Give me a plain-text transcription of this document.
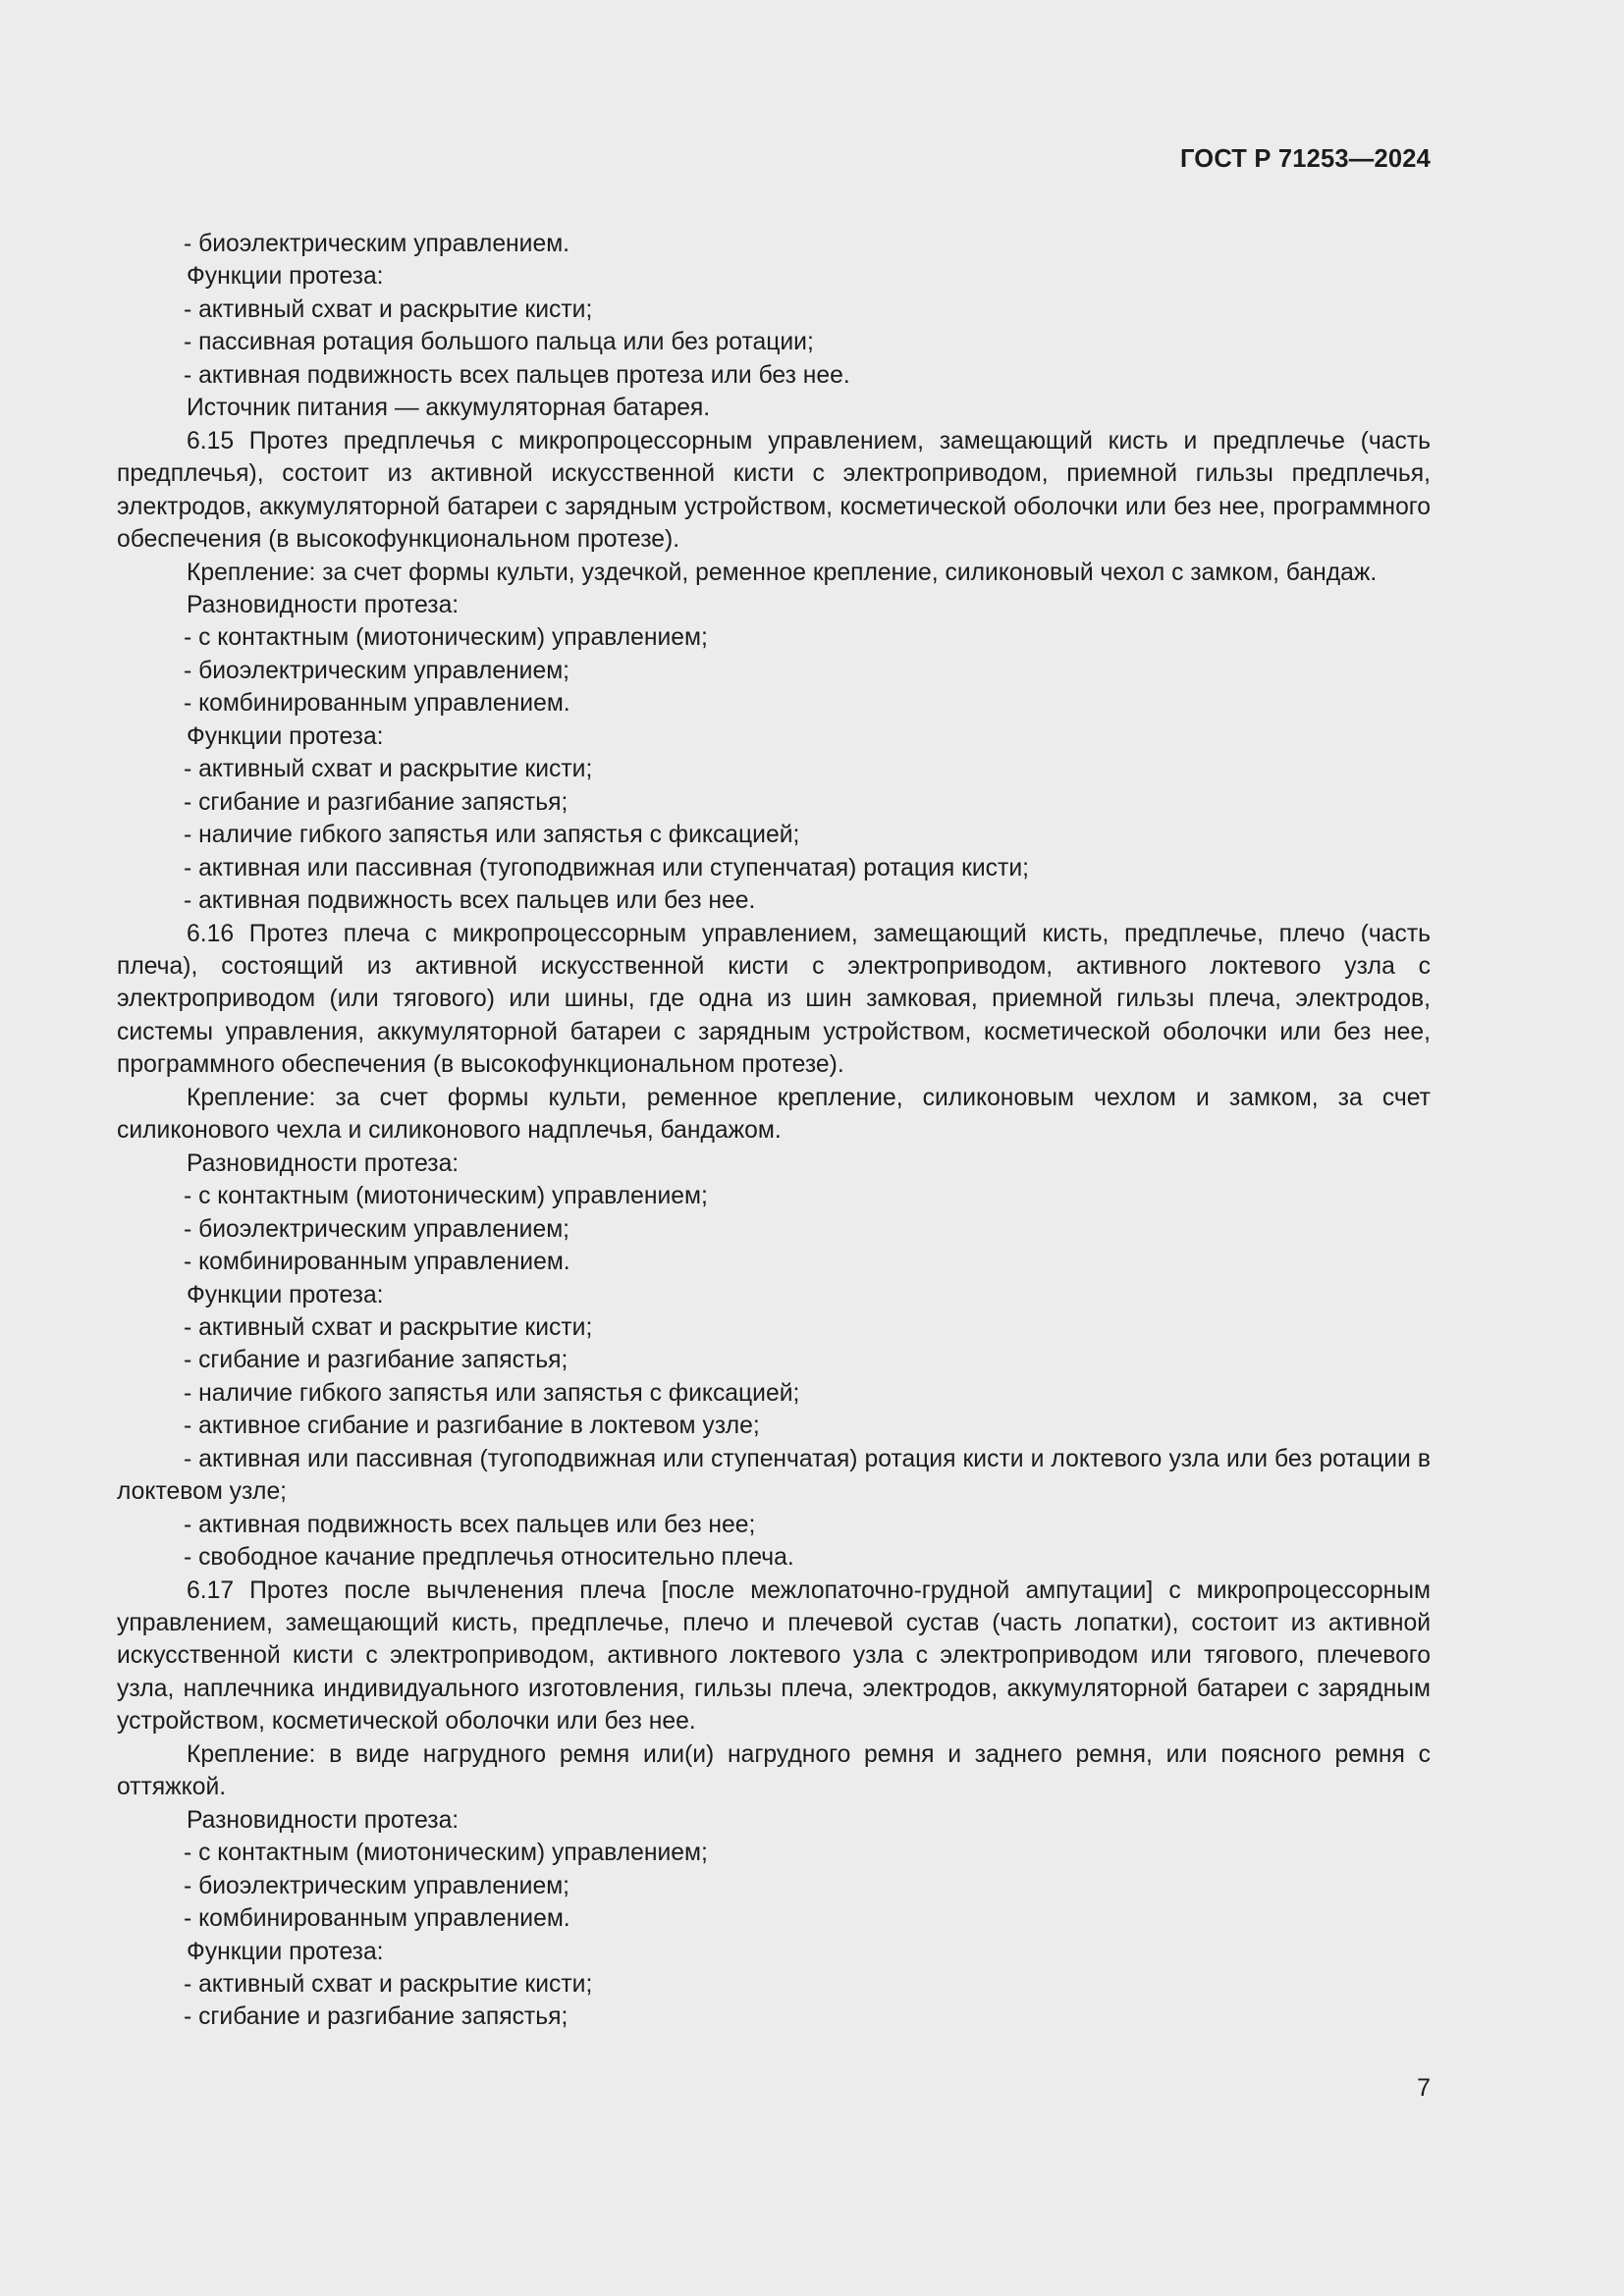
ГОСТ Р 71253—2024

- биоэлектрическим управлением.

Функции протеза:

- активный схват и раскрытие кисти;

- пассивная ротация большого пальца или без ротации;

- активная подвижность всех пальцев протеза или без нее.

Источник питания — аккумуляторная батарея.

6.15 Протез предплечья с микропроцессорным управлением, замещающий кисть и предплечье (часть предплечья), состоит из активной искусственной кисти с электроприводом, приемной гильзы предплечья, электродов, аккумуляторной батареи с зарядным устройством, косметической оболочки или без нее, программного обеспечения (в высокофункциональном протезе).

Крепление: за счет формы культи, уздечкой, ременное крепление, силиконовый чехол с замком, бандаж.

Разновидности протеза:

- с контактным (миотоническим) управлением;

- биоэлектрическим управлением;

- комбинированным управлением.

Функции протеза:

- активный схват и раскрытие кисти;

- сгибание и разгибание запястья;

- наличие гибкого запястья или запястья с фиксацией;

- активная или пассивная (тугоподвижная или ступенчатая) ротация кисти;

- активная подвижность всех пальцев или без нее.

6.16 Протез плеча с микропроцессорным управлением, замещающий кисть, предплечье, плечо (часть плеча), состоящий из активной искусственной кисти с электроприводом, активного локтевого узла с электроприводом (или тягового) или шины, где одна из шин замковая, приемной гильзы плеча, электродов, системы управления, аккумуляторной батареи с зарядным устройством, косметической оболочки или без нее, программного обеспечения (в высокофункциональном протезе).

Крепление: за счет формы культи, ременное крепление, силиконовым чехлом и замком, за счет силиконового чехла и силиконового надплечья, бандажом.

Разновидности протеза:

- с контактным (миотоническим) управлением;

- биоэлектрическим управлением;

- комбинированным управлением.

Функции протеза:

- активный схват и раскрытие кисти;

- сгибание и разгибание запястья;

- наличие гибкого запястья или запястья с фиксацией;

- активное сгибание и разгибание в локтевом узле;

- активная или пассивная (тугоподвижная или ступенчатая) ротация кисти и локтевого узла или без ротации в локтевом узле;

- активная подвижность всех пальцев или без нее;

- свободное качание предплечья относительно плеча.

6.17 Протез после вычленения плеча [после межлопаточно-грудной ампутации] с микропроцессорным управлением, замещающий кисть, предплечье, плечо и плечевой сустав (часть лопатки), состоит из активной искусственной кисти с электроприводом, активного локтевого узла с электроприводом или тягового, плечевого узла, наплечника индивидуального изготовления, гильзы плеча, электродов, аккумуляторной батареи с зарядным устройством, косметической оболочки или без нее.

Крепление: в виде нагрудного ремня или(и) нагрудного ремня и заднего ремня, или поясного ремня с оттяжкой.

Разновидности протеза:

- с контактным (миотоническим) управлением;

- биоэлектрическим управлением;

- комбинированным управлением.

Функции протеза:

- активный схват и раскрытие кисти;

- сгибание и разгибание запястья;

7
